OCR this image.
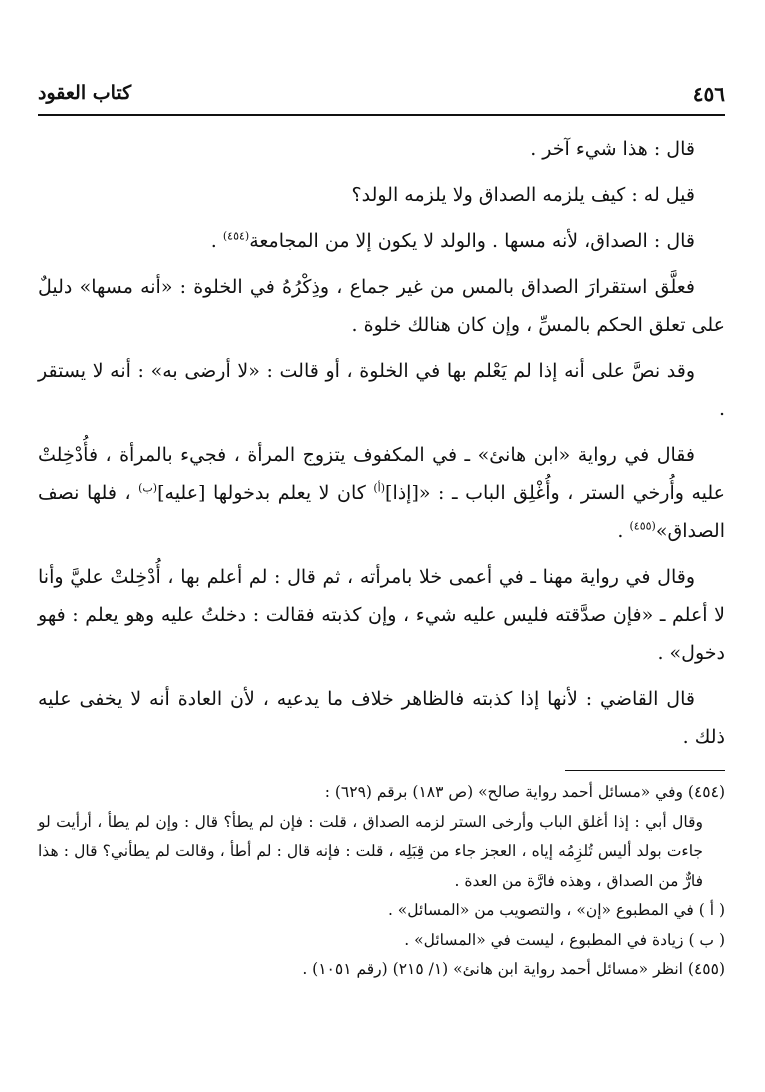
كتاب العقود	٤٥٦

قال : هذا شيء آخر .

قيل له : كيف يلزمه الصداق ولا يلزمه الولد؟

قال : الصداق، لأنه مسها . والولد لا يكون إلا من المجامعة$^{(٤٥٤)}$ .

فعلَّق استقرارَ الصداق بالمس من غير جماع ، وذِكْرُهُ في الخلوة : «أنه مسها» دليلٌ على تعلق الحكم بالمسِّ ، وإن كان هنالك خلوة .

وقد نصَّ على أنه إذا لم يَعْلم بها في الخلوة ، أو قالت : «لا أرضى به» : أنه لا يستقر .

فقال في رواية «ابن هانئ» ـ في المكفوف يتزوج المرأة ، فجيء بالمرأة ، فأُدْخِلتْ عليه وأُرخي الستر ، وأُغْلِق الباب ـ : «[إذا]$^{(أ)}$ كان لا يعلم بدخولها [عليه]$^{(ب)}$ ، فلها نصف الصداق»$^{(٤٥٥)}$ .

وقال في رواية مهنا ـ في أعمى خلا بامرأته ، ثم قال : لم أعلم بها ، أُدْخِلتْ عليَّ وأنا لا أعلم ـ «فإن صدَّقته فليس عليه شيء ، وإن كذبته فقالت : دخلتُ عليه وهو يعلم : فهو دخول» .

قال القاضي : لأنها إذا كذبته فالظاهر خلاف ما يدعيه ، لأن العادة أنه لا يخفى عليه ذلك .

(٤٥٤) وفي «مسائل أحمد رواية صالح» (ص ١٨٣) برقم (٦٢٩) :

وقال أبي : إذا أغلق الباب وأرخى الستر لزمه الصداق ، قلت : فإن لم يطأ؟ قال : وإن لم يطأ ، أرأيت لو جاءت بولد أليس تُلزِمُه إياه ، العجز جاء من قِبَلِه ، قلت : فإنه قال : لم أطأ ، وقالت لم يطأني؟ قال : هذا فارٌّ من الصداق ، وهذه فارَّة من العدة .

( أ ) في المطبوع «إن» ، والتصويب من «المسائل» .

( ب ) زيادة في المطبوع ، ليست في «المسائل» .

(٤٥٥) انظر «مسائل أحمد رواية ابن هانئ» (١/ ٢١٥) (رقم ١٠٥١) .
